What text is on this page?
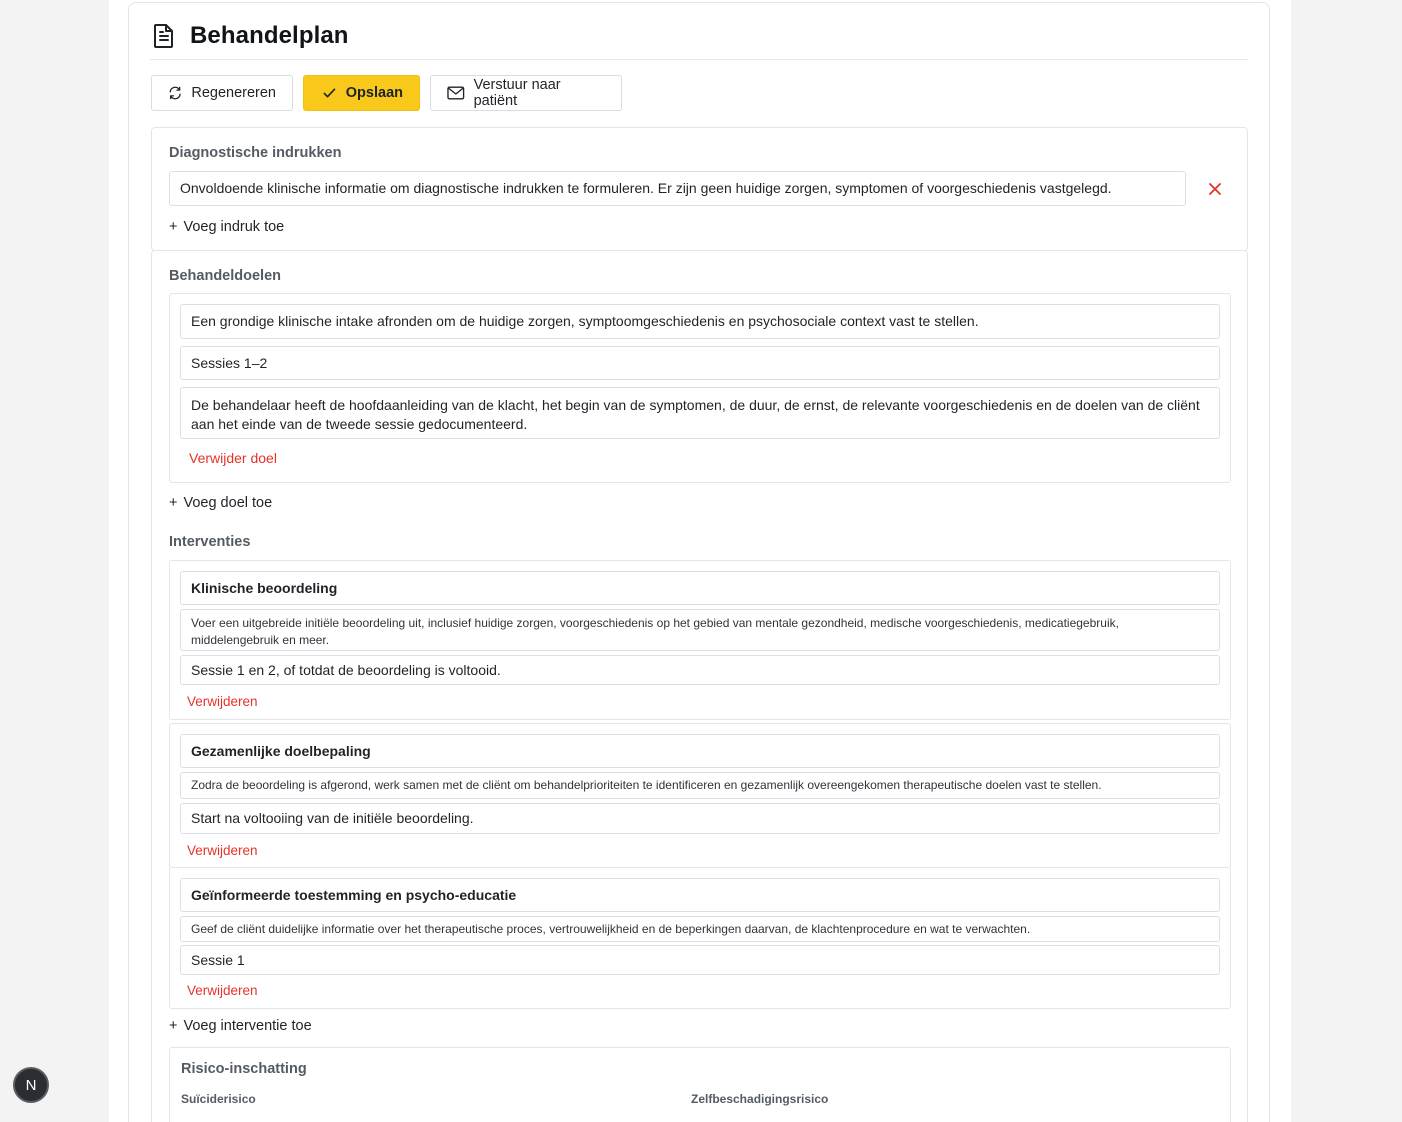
Behandelplan
Regenereren	Opslaan	Verstuur naar patiënt
Diagnostische indrukken
Onvoldoende klinische informatie om diagnostische indrukken te formuleren. Er zijn geen huidige zorgen, symptomen of voorgeschiedenis vastgelegd.
+ Voeg indruk toe
Behandeldoelen
Een grondige klinische intake afronden om de huidige zorgen, symptoomgeschiedenis en psychosociale context vast te stellen.
Sessies 1–2
De behandelaar heeft de hoofdaanleiding van de klacht, het begin van de symptomen, de duur, de ernst, de relevante voorgeschiedenis en de doelen van de cliënt aan het einde van de tweede sessie gedocumenteerd.
Verwijder doel
+ Voeg doel toe
Interventies
Klinische beoordeling
Voer een uitgebreide initiële beoordeling uit, inclusief huidige zorgen, voorgeschiedenis op het gebied van mentale gezondheid, medische voorgeschiedenis, medicatiegebruik, middelengebruik en meer.
Sessie 1 en 2, of totdat de beoordeling is voltooid.
Verwijderen
Gezamenlijke doelbepaling
Zodra de beoordeling is afgerond, werk samen met de cliënt om behandelprioriteiten te identificeren en gezamenlijk overeengekomen therapeutische doelen vast te stellen.
Start na voltooiing van de initiële beoordeling.
Verwijderen
Geïnformeerde toestemming en psycho-educatie
Geef de cliënt duidelijke informatie over het therapeutische proces, vertrouwelijkheid en de beperkingen daarvan, de klachtenprocedure en wat te verwachten.
Sessie 1
Verwijderen
+ Voeg interventie toe
Risico-inschatting
Suïciderisico	Zelfbeschadigingsrisico
N
